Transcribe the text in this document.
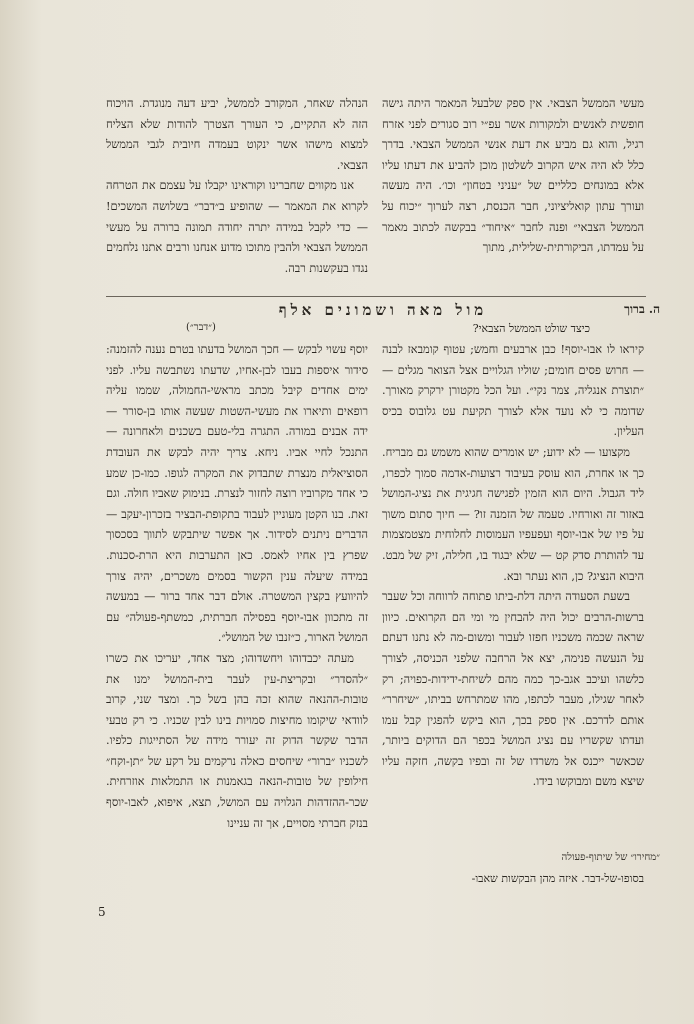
מעשי הממשל הצבאי. אין ספק שלבעל המאמר היתה גישה חופשית לאנשים ולמקורות אשר עפ״י רוב סגורים לפני אזרח רגיל, והוא גם מביע את דעת אנשי הממשל הצבאי. בדרך כלל לא היה איש הקרוב לשלטון מוכן להביע את דעתו עליו אלא במונחים כלליים של ״עניני בטחון״ וכו׳. היה מעשה ועורך עתון קואליציוני, חבר הכנסת, רצה לערוך ״יכוח על הממשל הצבאי״ ופנה לחבר ״איחוד״ בבקשה לכתוב מאמר על עמדתו, הביקורתית-שלילית, מתוך

הנהלה שאחר, המקורב לממשל, יביע דעה מנוגדת. הויכוח הזה לא התקיים, כי העורך הצטרך להודות שלא הצליח למצוא מישהו אשר ינקוט בעמדה חיובית לגבי הממשל הצבאי.

אנו מקווים שחברינו וקוראינו יקבלו על עצמם את הטרחה לקרוא את המאמר — שהופיע ב״דבר״ בשלושה המשכים! — כדי לקבל במידה יתרה יחודה תמונה ברורה על מעשי הממשל הצבאי ולהבין מתוכו מדוע אנחנו ורבים אתנו נלחמים נגדו בעקשנות רבה.

ה. ברוך
מול מאה ושמונים אלף
כיצד שולט הממשל הצבאי?
(״דבר״)

קיראו לו אבו-יוסף! כבן ארבעים וחמש; עטוף קומבאז לבנה — חרוש פסים חומים; שוליו הגלויים אצל הצואר מגלים — ״תוצרת אנגליה, צמר נקי״. ועל הכל מקטורן ירקרק מאורך. שדומה כי לא נועד אלא לצורך תקיעת עט גלובוס בכיס העליון.

מקצועו — לא ידוע; יש אומרים שהוא משמש גם מבריח. כך או אחרת, הוא עוסק בעיבוד רצועות-אדמה סמוך לכפרו, ליד הגבול. היום הוא הזמין לפגישה חגיגית את נציג-המושל באזור זה ואורחיו. טעמה של הזמנה זו? — חיוך סתום משוך על פיו של אבו-יוסף ועפעפיו העמוסות לחלוחית מצטמצמות עד להותרת סדק קט — שלא יבגוד בו, חלילה, זיק של מבט. היבוא הנציג? כן, הוא נעתר ובא.

בשעת הסעודה היתה דלת-ביתו פתוחה לרווחה וכל שעבר ברשות-הרבים יכול היה להבחין מי ומי הם הקרואים. כיוון שראה שכמה משכניו חפזו לעבור ומשום-מה לא נתנו דעתם על הנעשה פנימה, יצא אל הרחבה שלפני הכניסה, לצורך כלשהו ועיכב אגב-כך כמה מהם לשיחת-ידידות-כפויה; רק לאחר שגילו, מעבר לכתפו, מהו שמתרחש בביתו, ״שיחרר״ אותם לדרכם. אין ספק בכך, הוא ביקש להפגין קבל עמו ועדתו שקשריו עם נציג המושל בכפר הם הדוקים ביותר, שכאשר ייכנס אל משרדו של זה ובפיו בקשה, חזקה עליו שיצא משם ומבוקשו בידו.

יוסף עשוי לבקש — חכך המושל בדעתו בטרם נענה להזמנה: סידור איספות בעבו לבן-אחיו, שדעתו נשתבשה עליו. לפני ימים אחדים קיבל מכתב מראשי-החמולה, שממו עליה רופאים ותיארו את מעשי-השטות שעשה אותו בן-סורר — ידה אבנים במורה. התגרה בלי-טעם בשכנים ולאחרונה — התנכל לחיי אביו. ניחא. צריך יהיה לבקש את העובדת הסוציאלית מנצרת שתבדוק את המקרה לגופו. כמו-כן שמע כי אחד מקרוביו רוצה לחזור לנצרת. בנימוק שאביו חולה. וגם זאת. בנו הקטן מעוניין לעבוד בתקופת-הבציר בזכרון-יעקב — הדברים ניתנים לסידור. אך אפשר שיתבקש לתווך בסכסוך שפרץ בין אחיו לאמס. כאן התערבות היא הרת-סכנות. במידה שיעלה ענין הקשור בסמים משכרים, יהיה צורך להיוועץ בקצין המשטרה. אולם דבר אחד ברור — במעשה זה מתכוון אבו-יוסף בפסילה חברתית, כמשתף-פעולה״ עם המושל הארור, כ״זנבו של המושל״.

מעתה יכבדוהו ויחשדוהו; מצד אחד, יעריכו את כשרו ״להסדר״ ובקריצת-עין לעבר בית-המושל ימנו את טובות-ההנאה שהוא זכה בהן בשל כך. ומצד שני, קרוב לוודאי שיקומו מחיצות סמויות בינו לבין שכניו. כי רק טבעי הדבר שקשר הדוק זה יעורר מידה של הסתייגות כלפיו. לשכניו ״ברור״ שיחסים כאלה נרקמים על רקע של ״תן-וקח״ חילופין של טובות-הנאה בגאמנות או התמלאות אוזרחית. שכר-ההזדהות הגלויה עם המושל, תצא, איפוא, לאבו-יוסף בנזק חברתי מסויים, אך זה עניינו

״מחירו״ של שיתוף-פעולה
בסופו-של-דבר. איזה מהן הבקשות שאבו-
5
